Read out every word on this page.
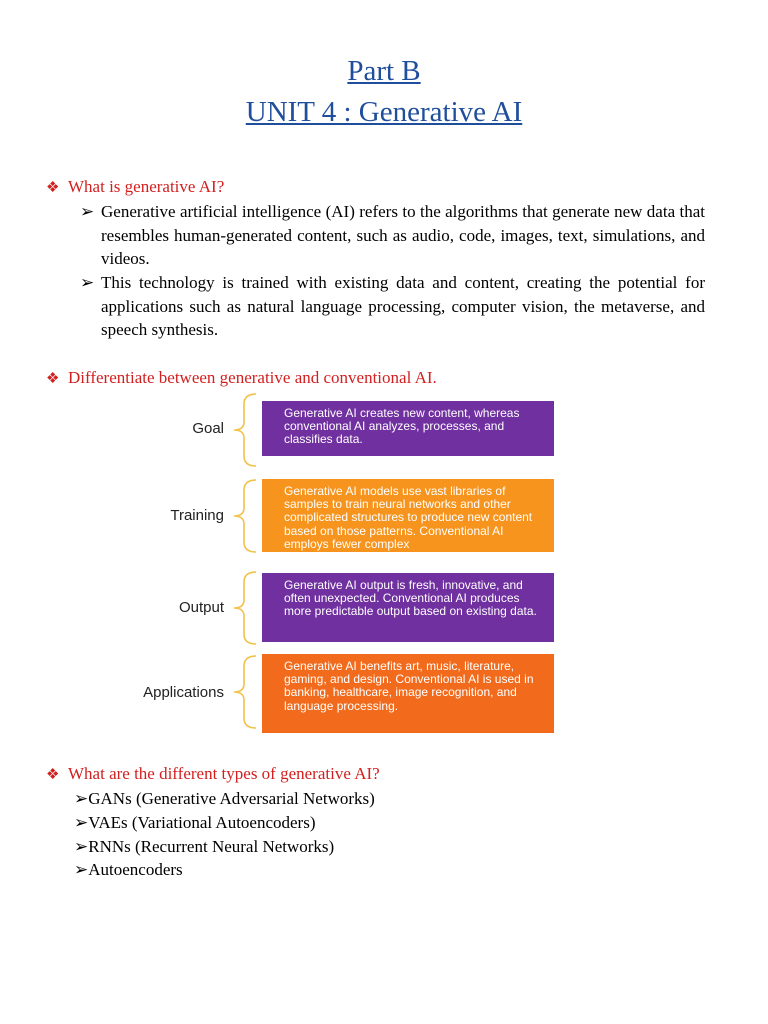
Part B
UNIT 4 : Generative AI
❖ What is generative AI?
➢ Generative artificial intelligence (AI) refers to the algorithms that generate new data that resembles human-generated content, such as audio, code, images, text, simulations, and videos.
➢ This technology is trained with existing data and content, creating the potential for applications such as natural language processing, computer vision, the metaverse, and speech synthesis.
❖ Differentiate between generative and conventional AI.
Goal
Generative AI creates new content, whereas conventional AI analyzes, processes, and classifies data.
Training
Generative AI models use vast libraries of samples to train neural networks and other complicated structures to produce new content based on those patterns. Conventional AI employs fewer complex
Output
Generative AI output is fresh, innovative, and often unexpected. Conventional AI produces more predictable output based on existing data.
Applications
Generative AI benefits art, music, literature, gaming, and design. Conventional AI is used in banking, healthcare, image recognition, and language processing.
❖ What are the different types of generative AI?
➢GANs (Generative Adversarial Networks)
➢VAEs (Variational Autoencoders)
➢RNNs (Recurrent Neural Networks)
➢Autoencoders
